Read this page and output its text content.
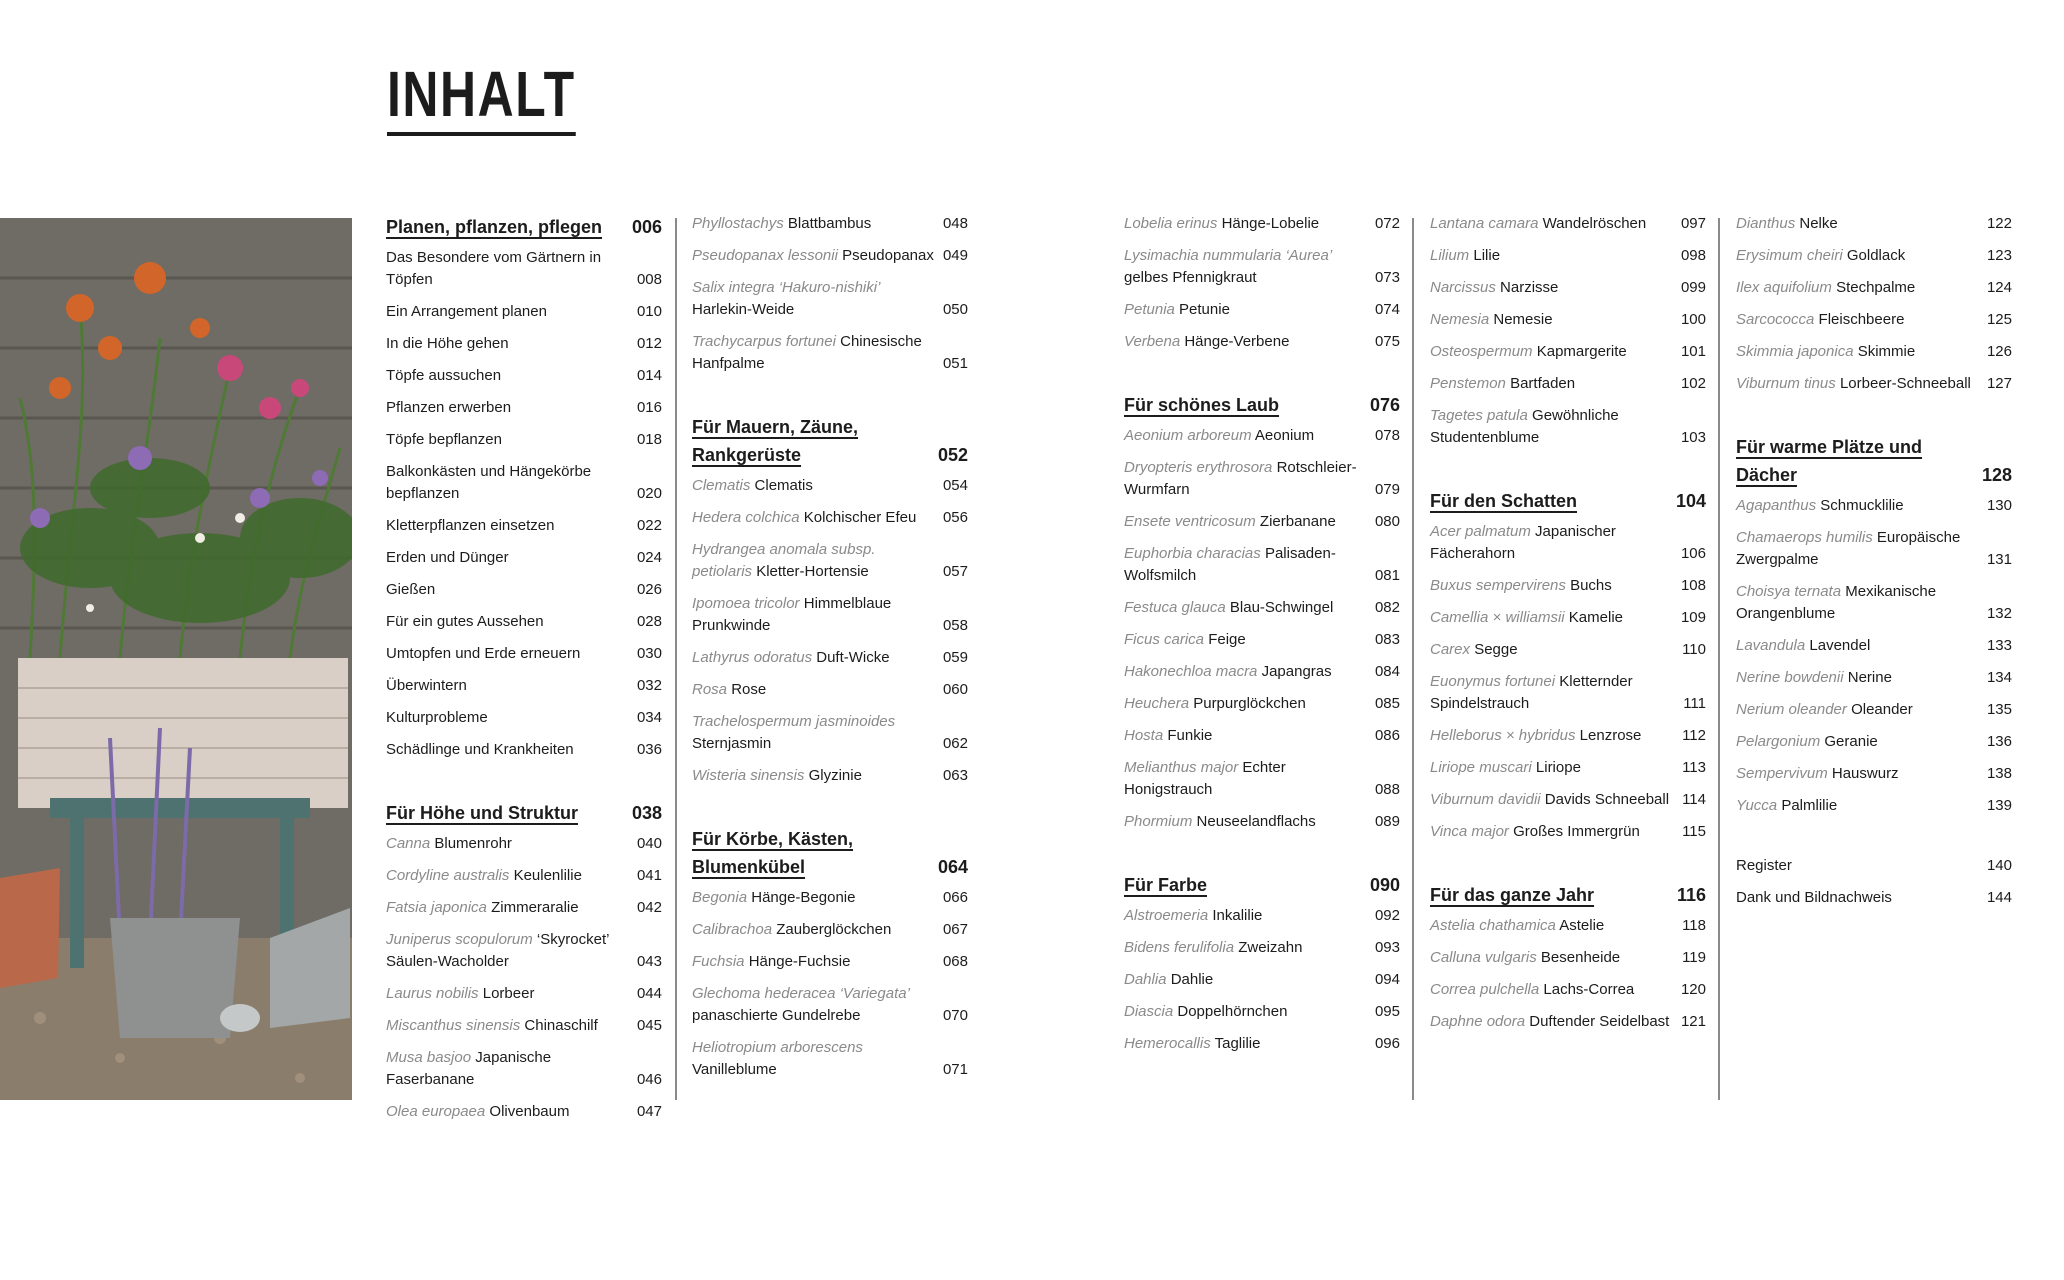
INHALT
Planen, pflanzen, pflegen 006
Das Besondere vom Gärtnern in Töpfen	008
Ein Arrangement planen	010
In die Höhe gehen	012
Töpfe aussuchen	014
Pflanzen erwerben	016
Töpfe bepflanzen	018
Balkonkästen und Hängekörbe bepflanzen	020
Kletterpflanzen einsetzen	022
Erden und Dünger	024
Gießen	026
Für ein gutes Aussehen	028
Umtopfen und Erde erneuern	030
Überwintern	032
Kulturprobleme	034
Schädlinge und Krankheiten	036
Für Höhe und Struktur	038
Canna Blumenrohr	040
Cordyline australis Keulenlilie	041
Fatsia japonica Zimmeraralie	042
Juniperus scopulorum ‘Skyrocket’ Säulen-Wacholder	043
Laurus nobilis Lorbeer	044
Miscanthus sinensis Chinaschilf	045
Musa basjoo Japanische Faserbanane	046
Olea europaea Olivenbaum	047
Phyllostachys Blattbambus	048
Pseudopanax lessonii Pseudopanax 049
Salix integra ‘Hakuro-nishiki’ Harlekin-Weide	050
Trachycarpus fortunei Chinesische Hanfpalme	051
Für Mauern, Zäune, Rankgerüste	052
Clematis Clematis	054
Hedera colchica Kolchischer Efeu	056
Hydrangea anomala subsp. petiolaris Kletter-Hortensie	057
Ipomoea tricolor Himmelblaue Prunkwinde	058
Lathyrus odoratus Duft-Wicke	059
Rosa Rose	060
Trachelospermum jasminoides Sternjasmin	062
Wisteria sinensis Glyzinie	063
Für Körbe, Kästen, Blumenkübel	064
Begonia Hänge-Begonie	066
Calibrachoa Zauberglöckchen	067
Fuchsia Hänge-Fuchsie	068
Glechoma hederacea ‘Variegata’ panaschierte Gundelrebe	070
Heliotropium arborescens Vanilleblume	071
Lobelia erinus Hänge-Lobelie	072
Lysimachia nummularia ‘Aurea’ gelbes Pfennigkraut	073
Petunia Petunie	074
Verbena Hänge-Verbene	075
Für schönes Laub	076
Aeonium arboreum Aeonium	078
Dryopteris erythrosora Rotschleier-Wurmfarn	079
Ensete ventricosum Zierbanane	080
Euphorbia characias Palisaden-Wolfsmilch	081
Festuca glauca Blau-Schwingel	082
Ficus carica Feige	083
Hakonechloa macra Japangras	084
Heuchera Purpurglöckchen	085
Hosta Funkie	086
Melianthus major Echter Honigstrauch	088
Phormium Neuseelandflachs	089
Für Farbe	090
Alstroemeria Inkalilie	092
Bidens ferulifolia Zweizahn	093
Dahlia Dahlie	094
Diascia Doppelhörnchen	095
Hemerocallis Taglilie	096
Lantana camara Wandelröschen	097
Lilium Lilie	098
Narcissus Narzisse	099
Nemesia Nemesie	100
Osteospermum Kapmargerite	101
Penstemon Bartfaden	102
Tagetes patula Gewöhnliche Studentenblume	103
Für den Schatten	104
Acer palmatum Japanischer Fächerahorn	106
Buxus sempervirens Buchs	108
Camellia × williamsii Kamelie	109
Carex Segge	110
Euonymus fortunei Kletternder Spindelstrauch	111
Helleborus × hybridus Lenzrose	112
Liriope muscari Liriope	113
Viburnum davidii Davids Schneeball 114
Vinca major Großes Immergrün	115
Für das ganze Jahr	116
Astelia chathamica Astelie	118
Calluna vulgaris Besenheide	119
Correa pulchella Lachs-Correa	120
Daphne odora Duftender Seidelbast 121
Dianthus Nelke	122
Erysimum cheiri Goldlack	123
Ilex aquifolium Stechpalme	124
Sarcococca Fleischbeere	125
Skimmia japonica Skimmie	126
Viburnum tinus Lorbeer-Schneeball	127
Für warme Plätze und Dächer	128
Agapanthus Schmucklilie	130
Chamaerops humilis Europäische Zwergpalme	131
Choisya ternata Mexikanische Orangenblume	132
Lavandula Lavendel	133
Nerine bowdenii Nerine	134
Nerium oleander Oleander	135
Pelargonium Geranie	136
Sempervivum Hauswurz	138
Yucca Palmlilie	139
Register	140
Dank und Bildnachweis	144
